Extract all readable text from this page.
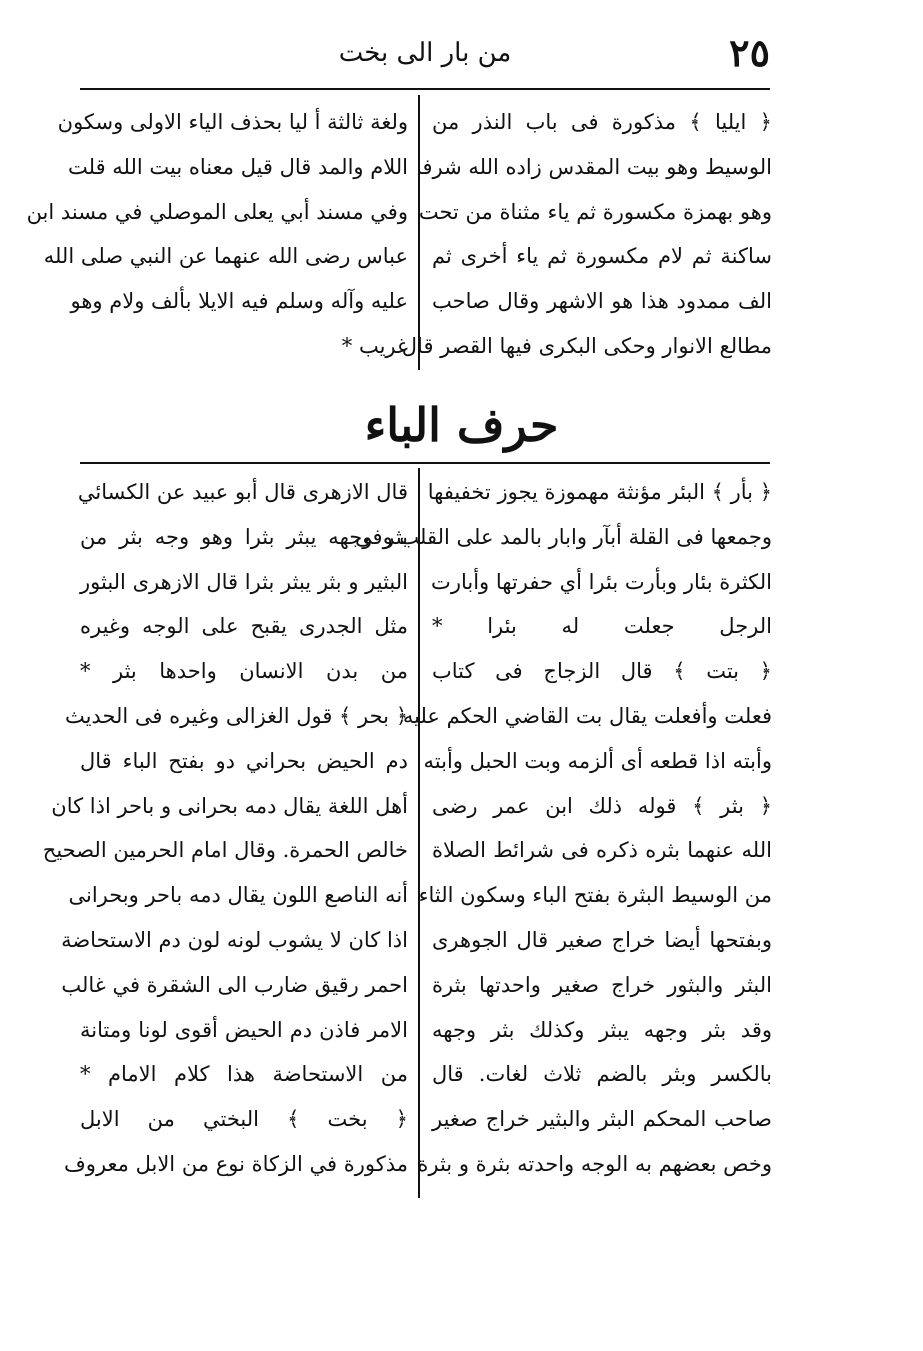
٢٥
من بار الى بخت
﴿ ايليا ﴾ مذكورة فى باب النذر من
الوسيط وهو بيت المقدس زاده الله شرفا
وهو بهمزة مكسورة ثم ياء مثناة من تحت
ساكنة ثم لام مكسورة ثم ياء أخرى ثم
الف ممدود هذا هو الاشهر وقال صاحب
مطالع الانوار وحكى البكرى فيها القصر قال
ولغة ثالثة أ ليا بحذف الياء الاولى وسكون
اللام والمد قال قيل معناه بيت الله قلت
وفي مسند أبي يعلى الموصلي في مسند ابن
عباس رضى الله عنهما عن النبي صلى الله
عليه وآله وسلم فيه الايلا بألف ولام وهو
غريب *
حرف الباء
﴿ بأر ﴾ البئر مؤنثة مهموزة يجوز تخفيفها
وجمعها فى القلة أبآر وابار بالمد على القلب وفى
الكثرة بئار وبأرت بئرا أي حفرتها وأبارت
الرجل جعلت له بئرا *
﴿ بتت ﴾ قال الزجاج فى كتاب
فعلت وأفعلت يقال بت القاضي الحكم عليه
وأبته اذا قطعه أى ألزمه وبت الحبل وأبته
﴿ بثر ﴾ قوله ذلك ابن عمر رضى
الله عنهما بثره ذكره فى شرائط الصلاة
من الوسيط البثرة بفتح الباء وسكون الثاء
وبفتحها أيضا خراج صغير قال الجوهرى
البثر والبثور خراج صغير واحدتها بثرة
وقد بثر وجهه يبثر وكذلك بثر وجهه
بالكسر وبثر بالضم ثلاث لغات. قال
صاحب المحكم البثر والبثير خراج صغير
وخص بعضهم به الوجه واحدته بثرة و بثرة
قال الازهرى قال أبو عبيد عن الكسائي
بثر وجهه يبثر بثرا وهو وجه بثر من
البثير و بثر يبثر بثرا قال الازهرى البثور
مثل الجدرى يقبح على الوجه وغيره
من بدن الانسان واحدها بثر *
﴿ بحر ﴾ قول الغزالى وغيره فى الحديث
دم الحيض بحراني دو بفتح الباء قال
أهل اللغة يقال دمه بحرانى و باحر اذا كان
خالص الحمرة. وقال امام الحرمين الصحيح
أنه الناصع اللون يقال دمه باحر وبحرانى
اذا كان لا يشوب لونه لون دم الاستحاضة
احمر رقيق ضارب الى الشقرة في غالب
الامر فاذن دم الحيض أقوى لونا ومتانة
من الاستحاضة هذا كلام الامام *
﴿ بخت ﴾ البختي من الابل
مذكورة في الزكاة نوع من الابل معروف
